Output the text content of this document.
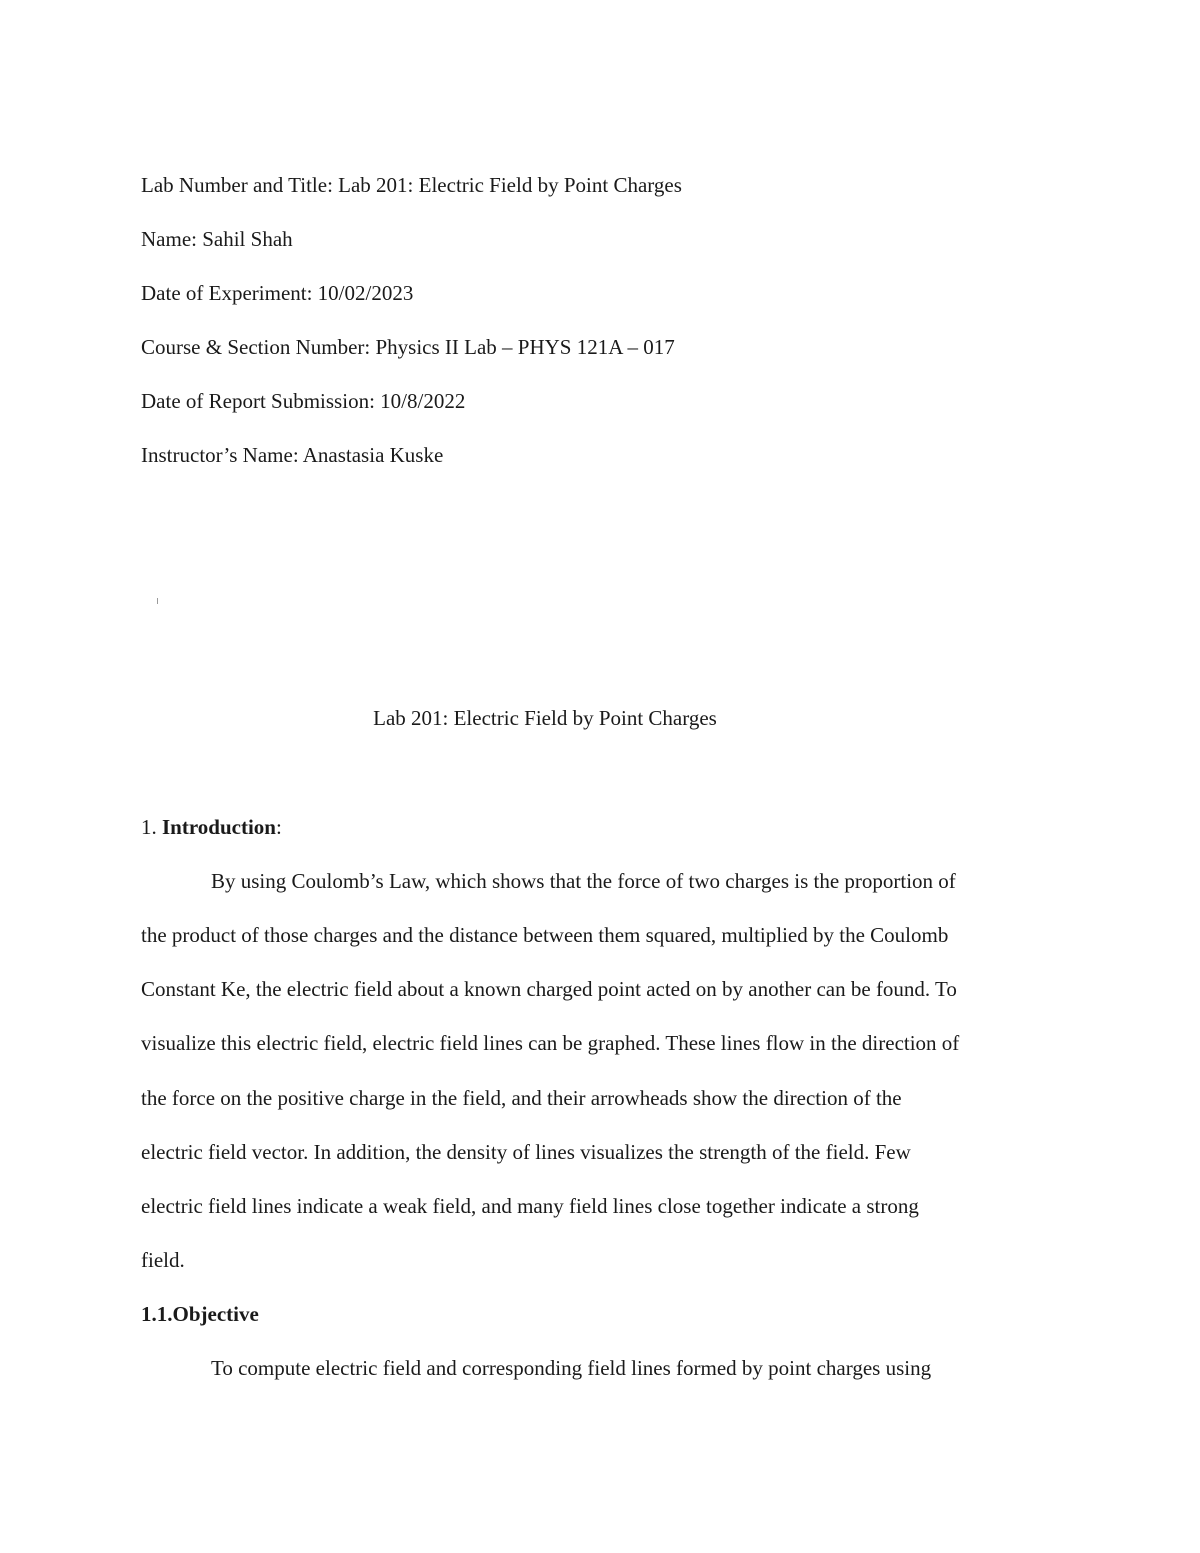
Lab Number and Title: Lab 201: Electric Field by Point Charges
Name: Sahil Shah
Date of Experiment: 10/02/2023
Course & Section Number: Physics II Lab – PHYS 121A – 017
Date of Report Submission: 10/8/2022
Instructor’s Name: Anastasia Kuske
Lab 201: Electric Field by Point Charges
1. Introduction:
By using Coulomb’s Law, which shows that the force of two charges is the proportion of
the product of those charges and the distance between them squared, multiplied by the Coulomb
Constant Ke, the electric field about a known charged point acted on by another can be found. To
visualize this electric field, electric field lines can be graphed. These lines flow in the direction of
the force on the positive charge in the field, and their arrowheads show the direction of the
electric field vector. In addition, the density of lines visualizes the strength of the field. Few
electric field lines indicate a weak field, and many field lines close together indicate a strong
field.
1.1.Objective
To compute electric field and corresponding field lines formed by point charges using
